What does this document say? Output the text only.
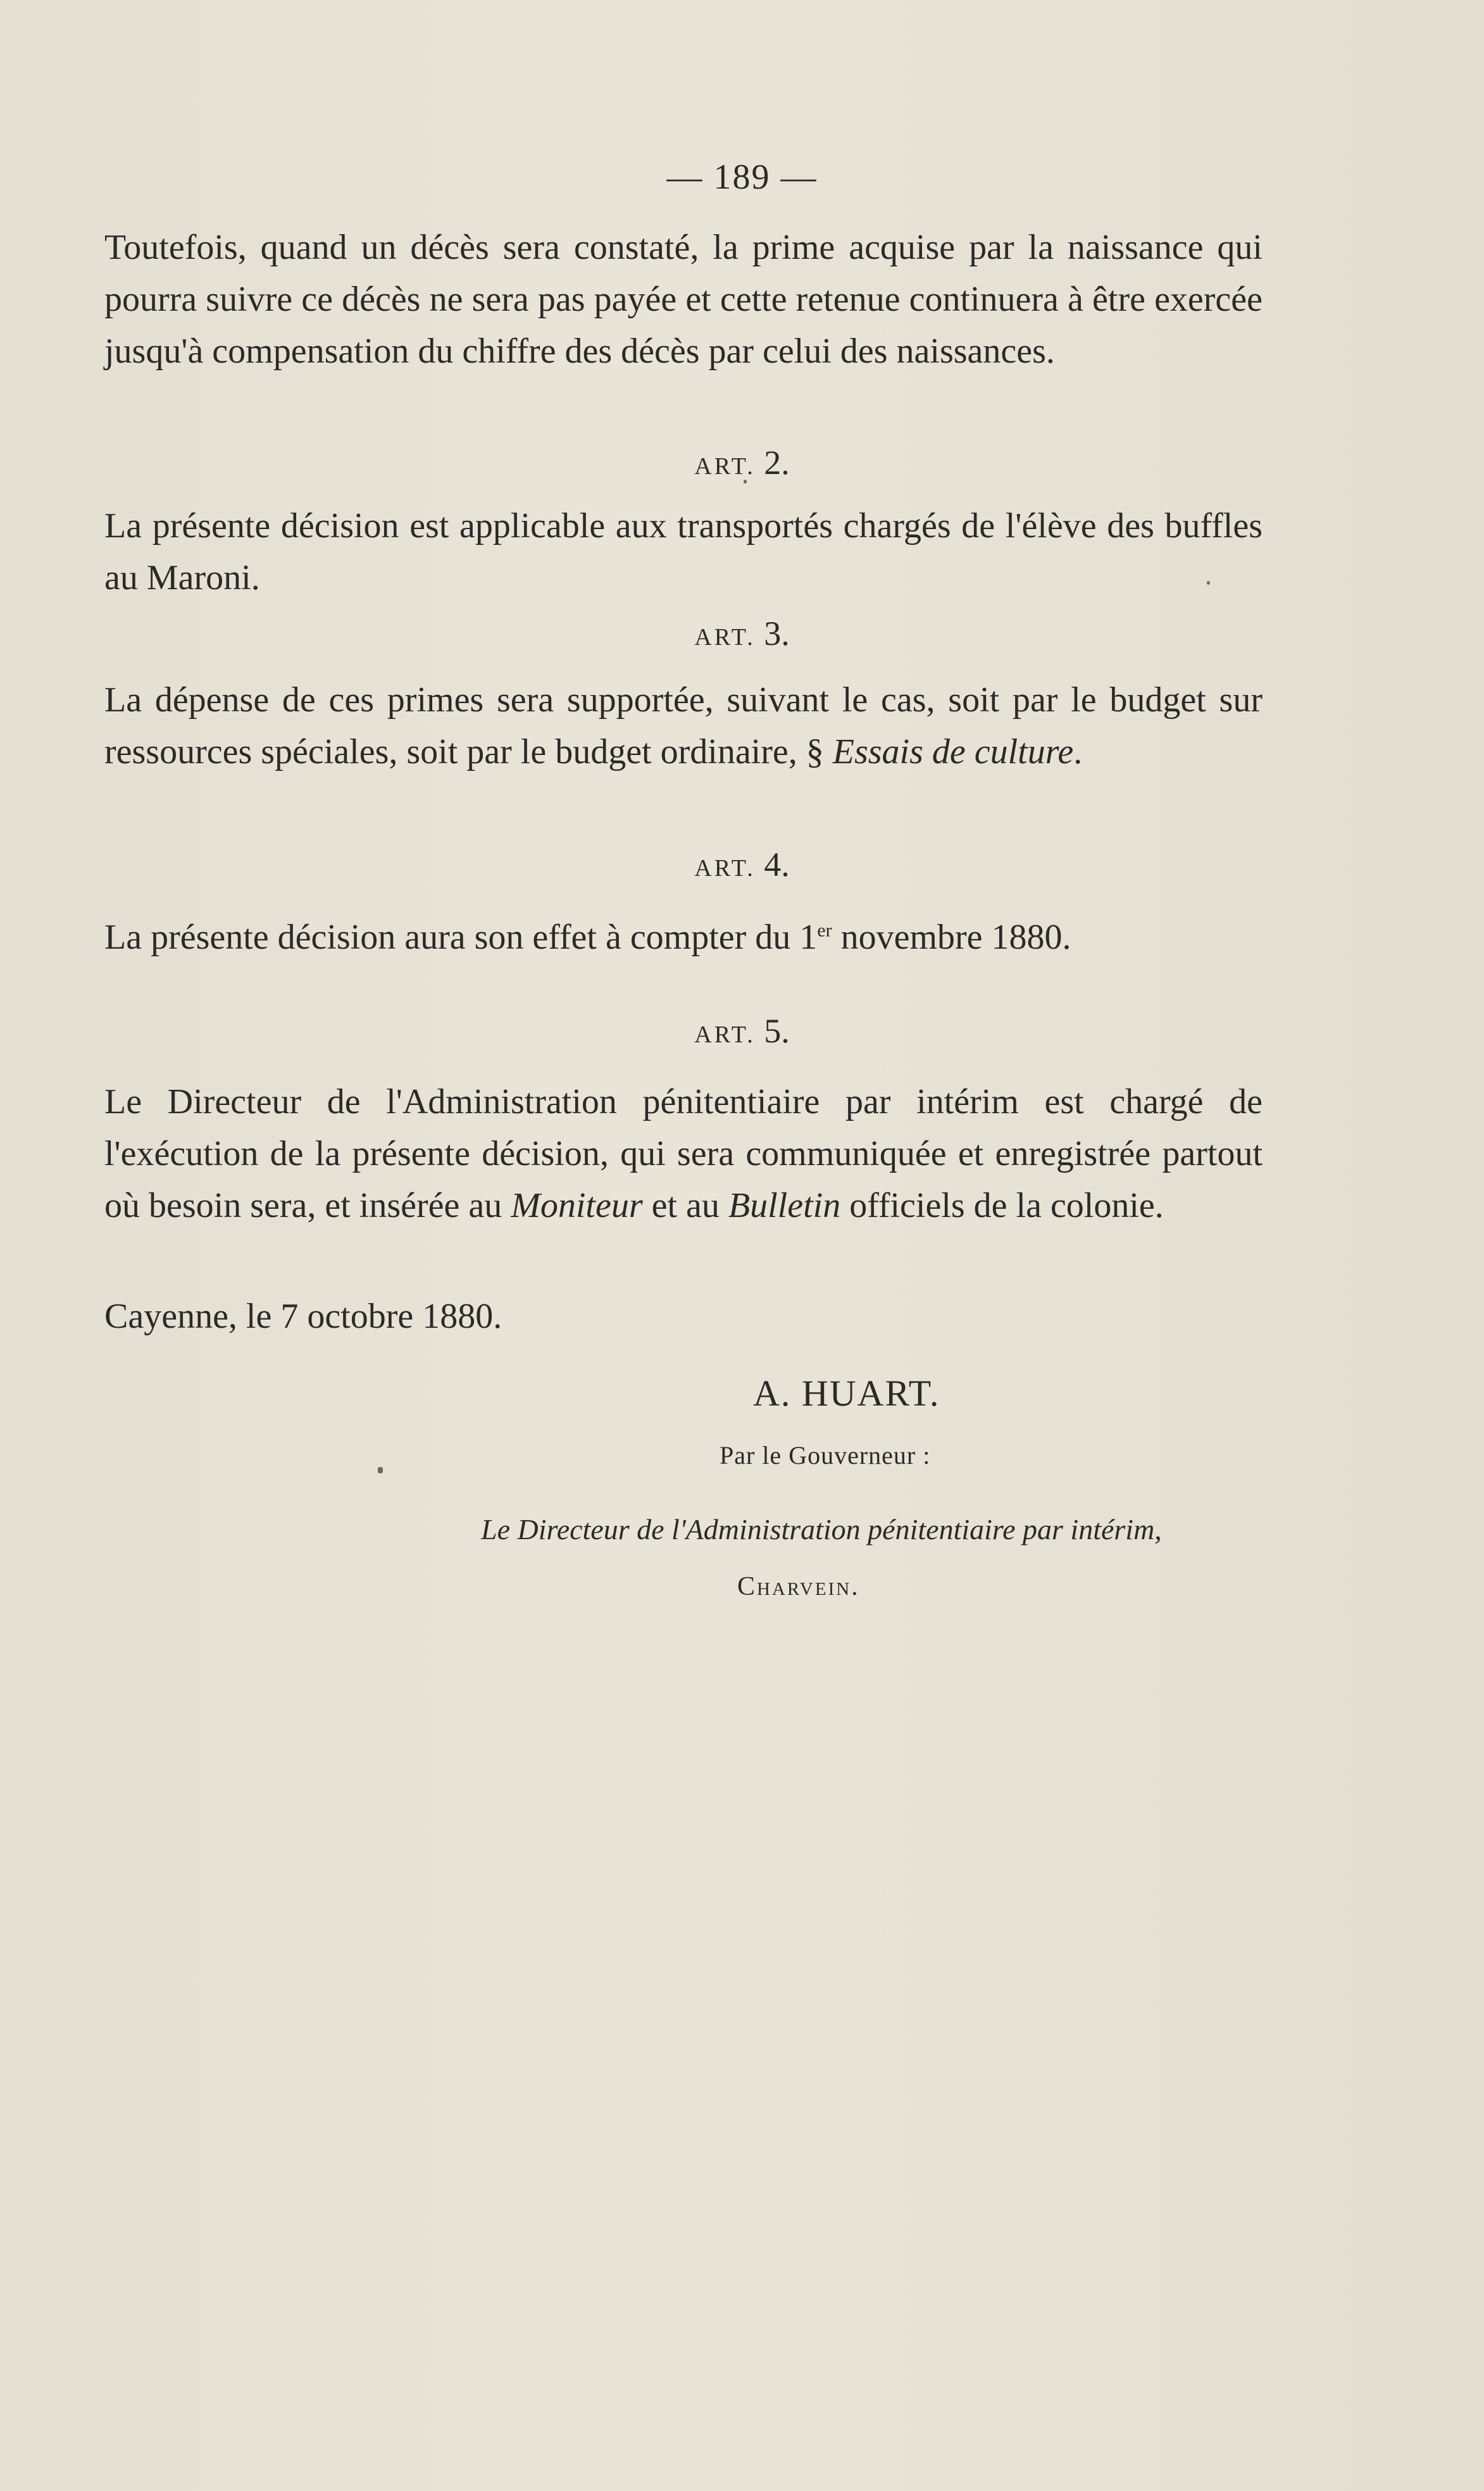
— 189 —

Toutefois, quand un décès sera constaté, la prime acquise par la naissance qui pourra suivre ce décès ne sera pas payée et cette retenue continuera à être exercée jusqu'à compensation du chiffre des décès par celui des naissances.

ART. 2.

La présente décision est applicable aux transportés chargés de l'élève des buffles au Maroni.

ART. 3.

La dépense de ces primes sera supportée, suivant le cas, soit par le budget sur ressources spéciales, soit par le budget ordinaire, § Essais de culture.

ART. 4.

La présente décision aura son effet à compter du 1er novembre 1880.

ART. 5.

Le Directeur de l'Administration pénitentiaire par intérim est chargé de l'exécution de la présente décision, qui sera communiquée et enregistrée partout où besoin sera, et insérée au Moniteur et au Bulletin officiels de la colonie.

Cayenne, le 7 octobre 1880.
A. HUART.
Par le Gouverneur :
Le Directeur de l'Administration pénitentiaire par intérim,
Charvein.
